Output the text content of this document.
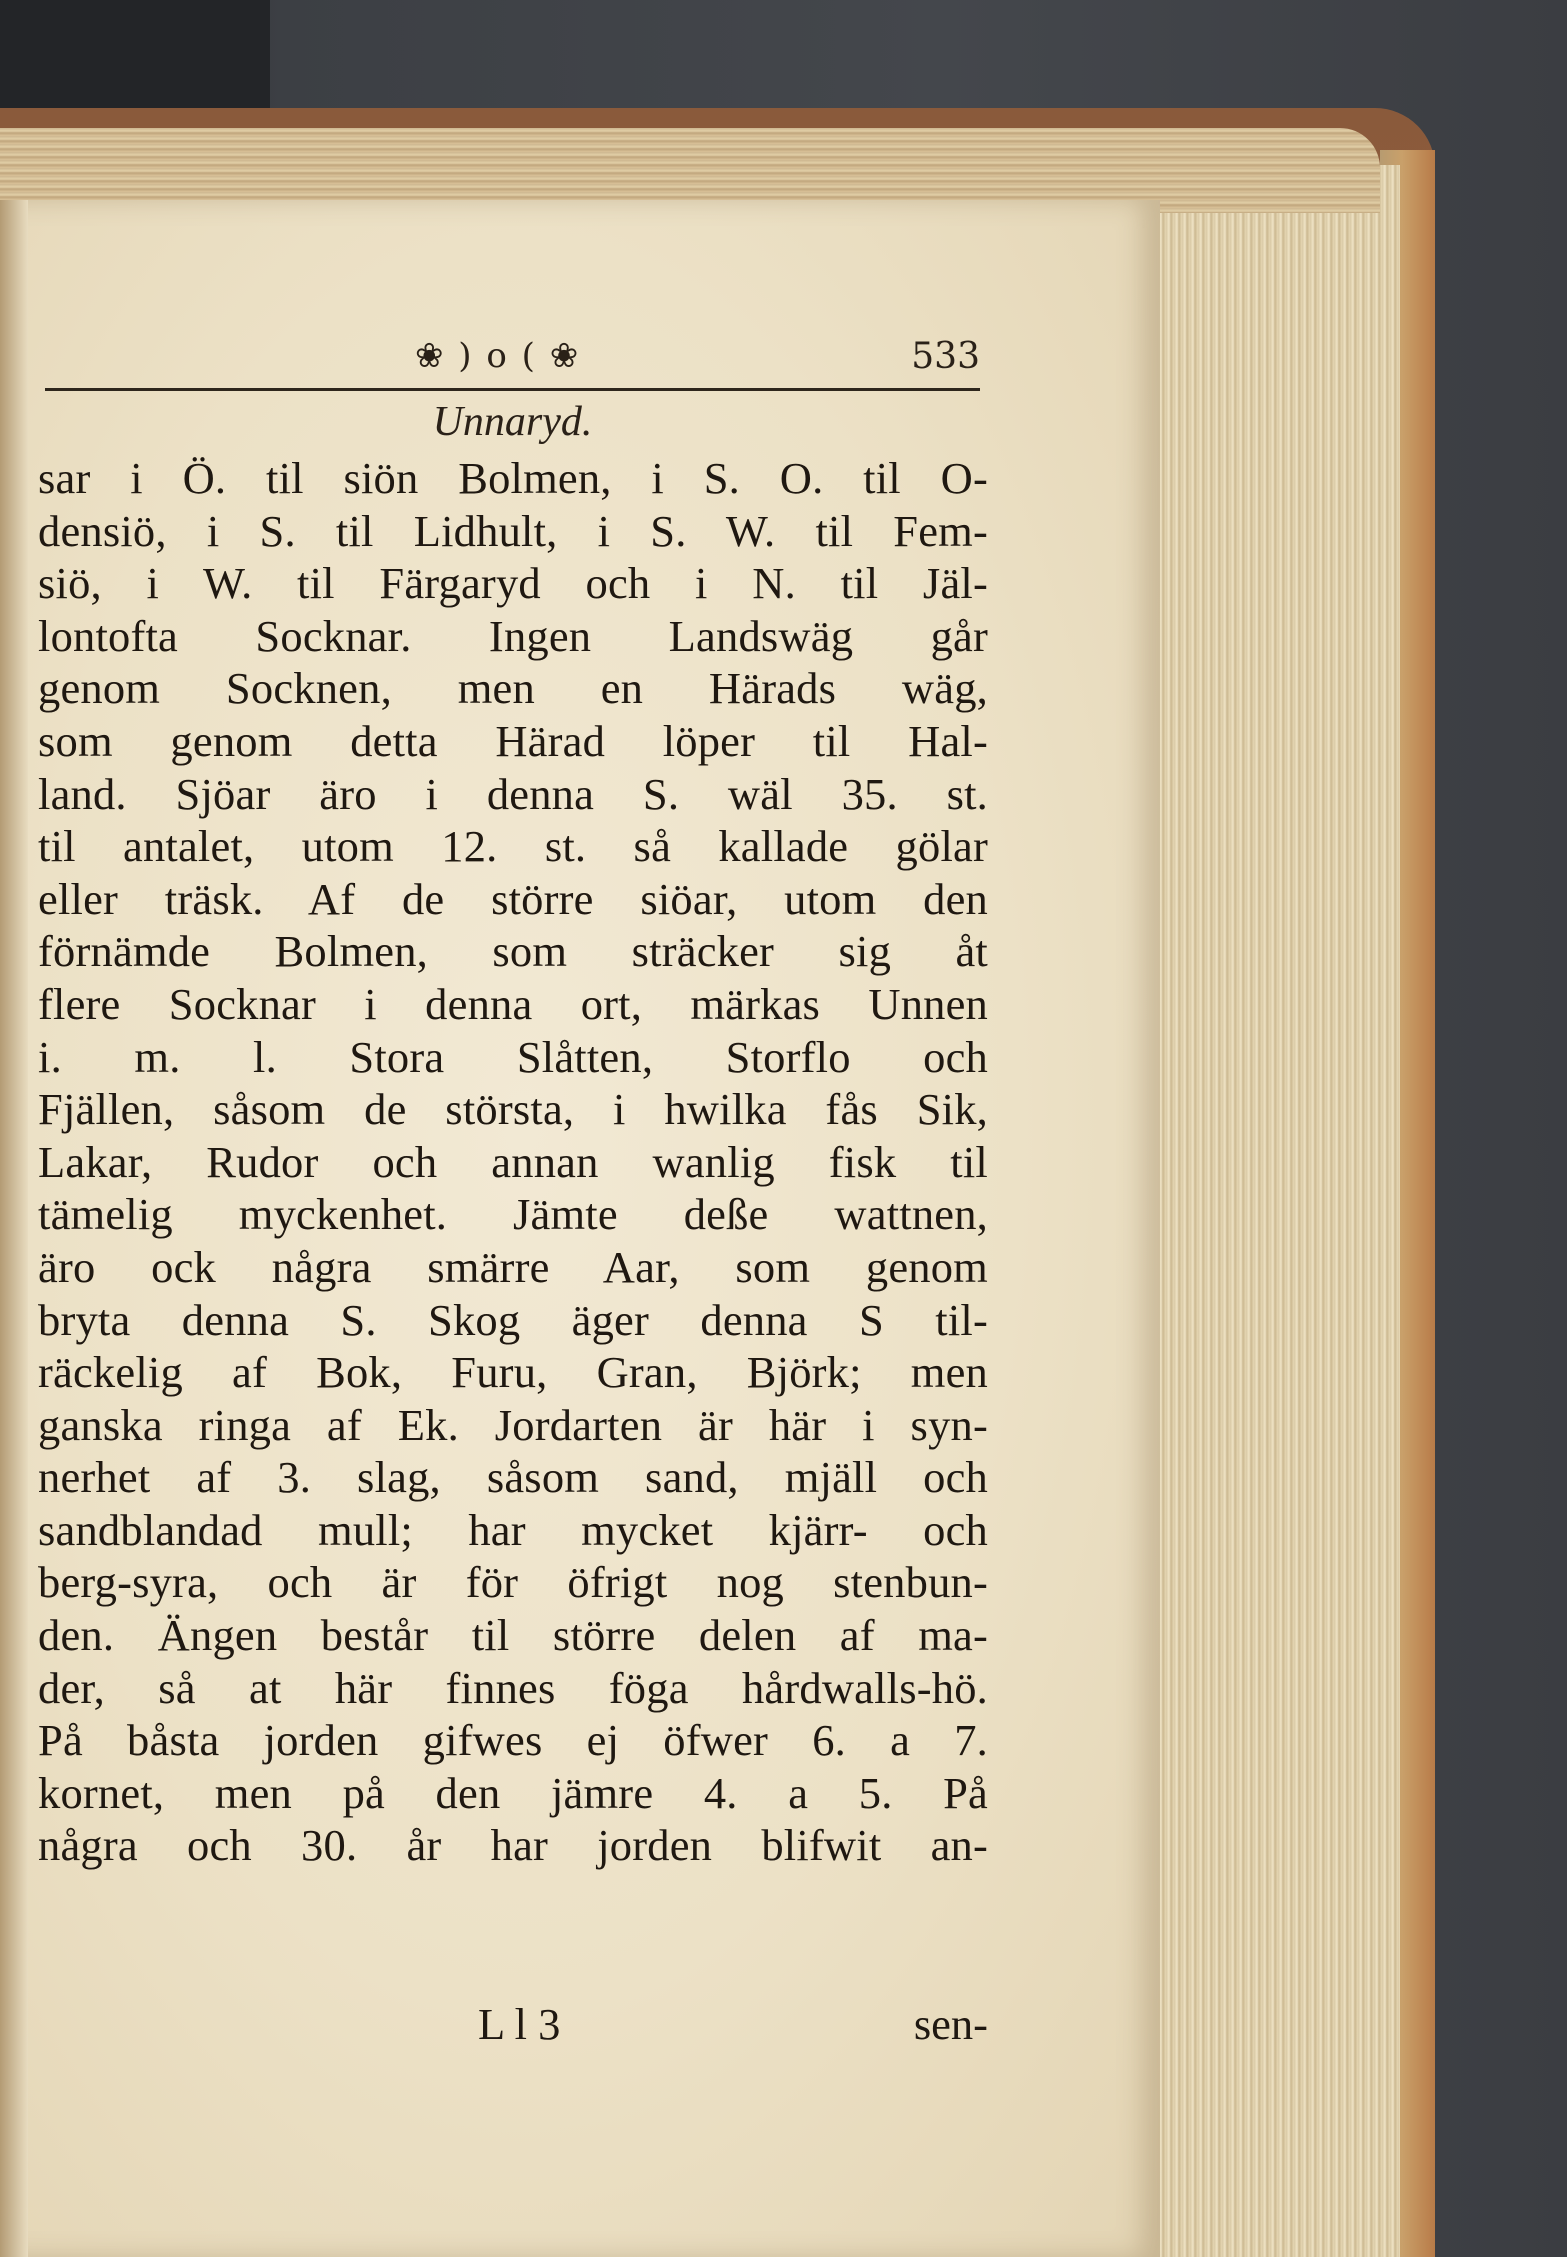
❀ ) o ( ❀	533
Unnaryd.
sar i Ö. til siön Bolmen, i S. O. til O-
densiö, i S. til Lidhult, i S. W. til Fem-
siö, i W. til Färgaryd och i N. til Jäl-
lontofta Socknar. Ingen Landswäg går
genom Socknen, men en Härads wäg,
som genom detta Härad löper til Hal-
land. Sjöar äro i denna S. wäl 35. st.
til antalet, utom 12. st. så kallade gölar
eller träsk. Af de större siöar, utom den
förnämde Bolmen, som sträcker sig åt
flere Socknar i denna ort, märkas Unnen
i. m. l. Stora Slåtten, Storflo och
Fjällen, såsom de största, i hwilka fås Sik,
Lakar, Rudor och annan wanlig fisk til
tämelig myckenhet. Jämte deße wattnen,
äro ock några smärre Aar, som genom
bryta denna S. Skog äger denna S til-
räckelig af Bok, Furu, Gran, Björk; men
ganska ringa af Ek. Jordarten är här i syn-
nerhet af 3. slag, såsom sand, mjäll och
sandblandad mull; har mycket kjärr- och
berg-syra, och är för öfrigt nog stenbun-
den. Ängen består til större delen af ma-
der, så at här finnes föga hårdwalls-hö.
På båsta jorden gifwes ej öfwer 6. a 7.
kornet, men på den jämre 4. a 5. På
några och 30. år har jorden blifwit an-
L l 3	sen-
